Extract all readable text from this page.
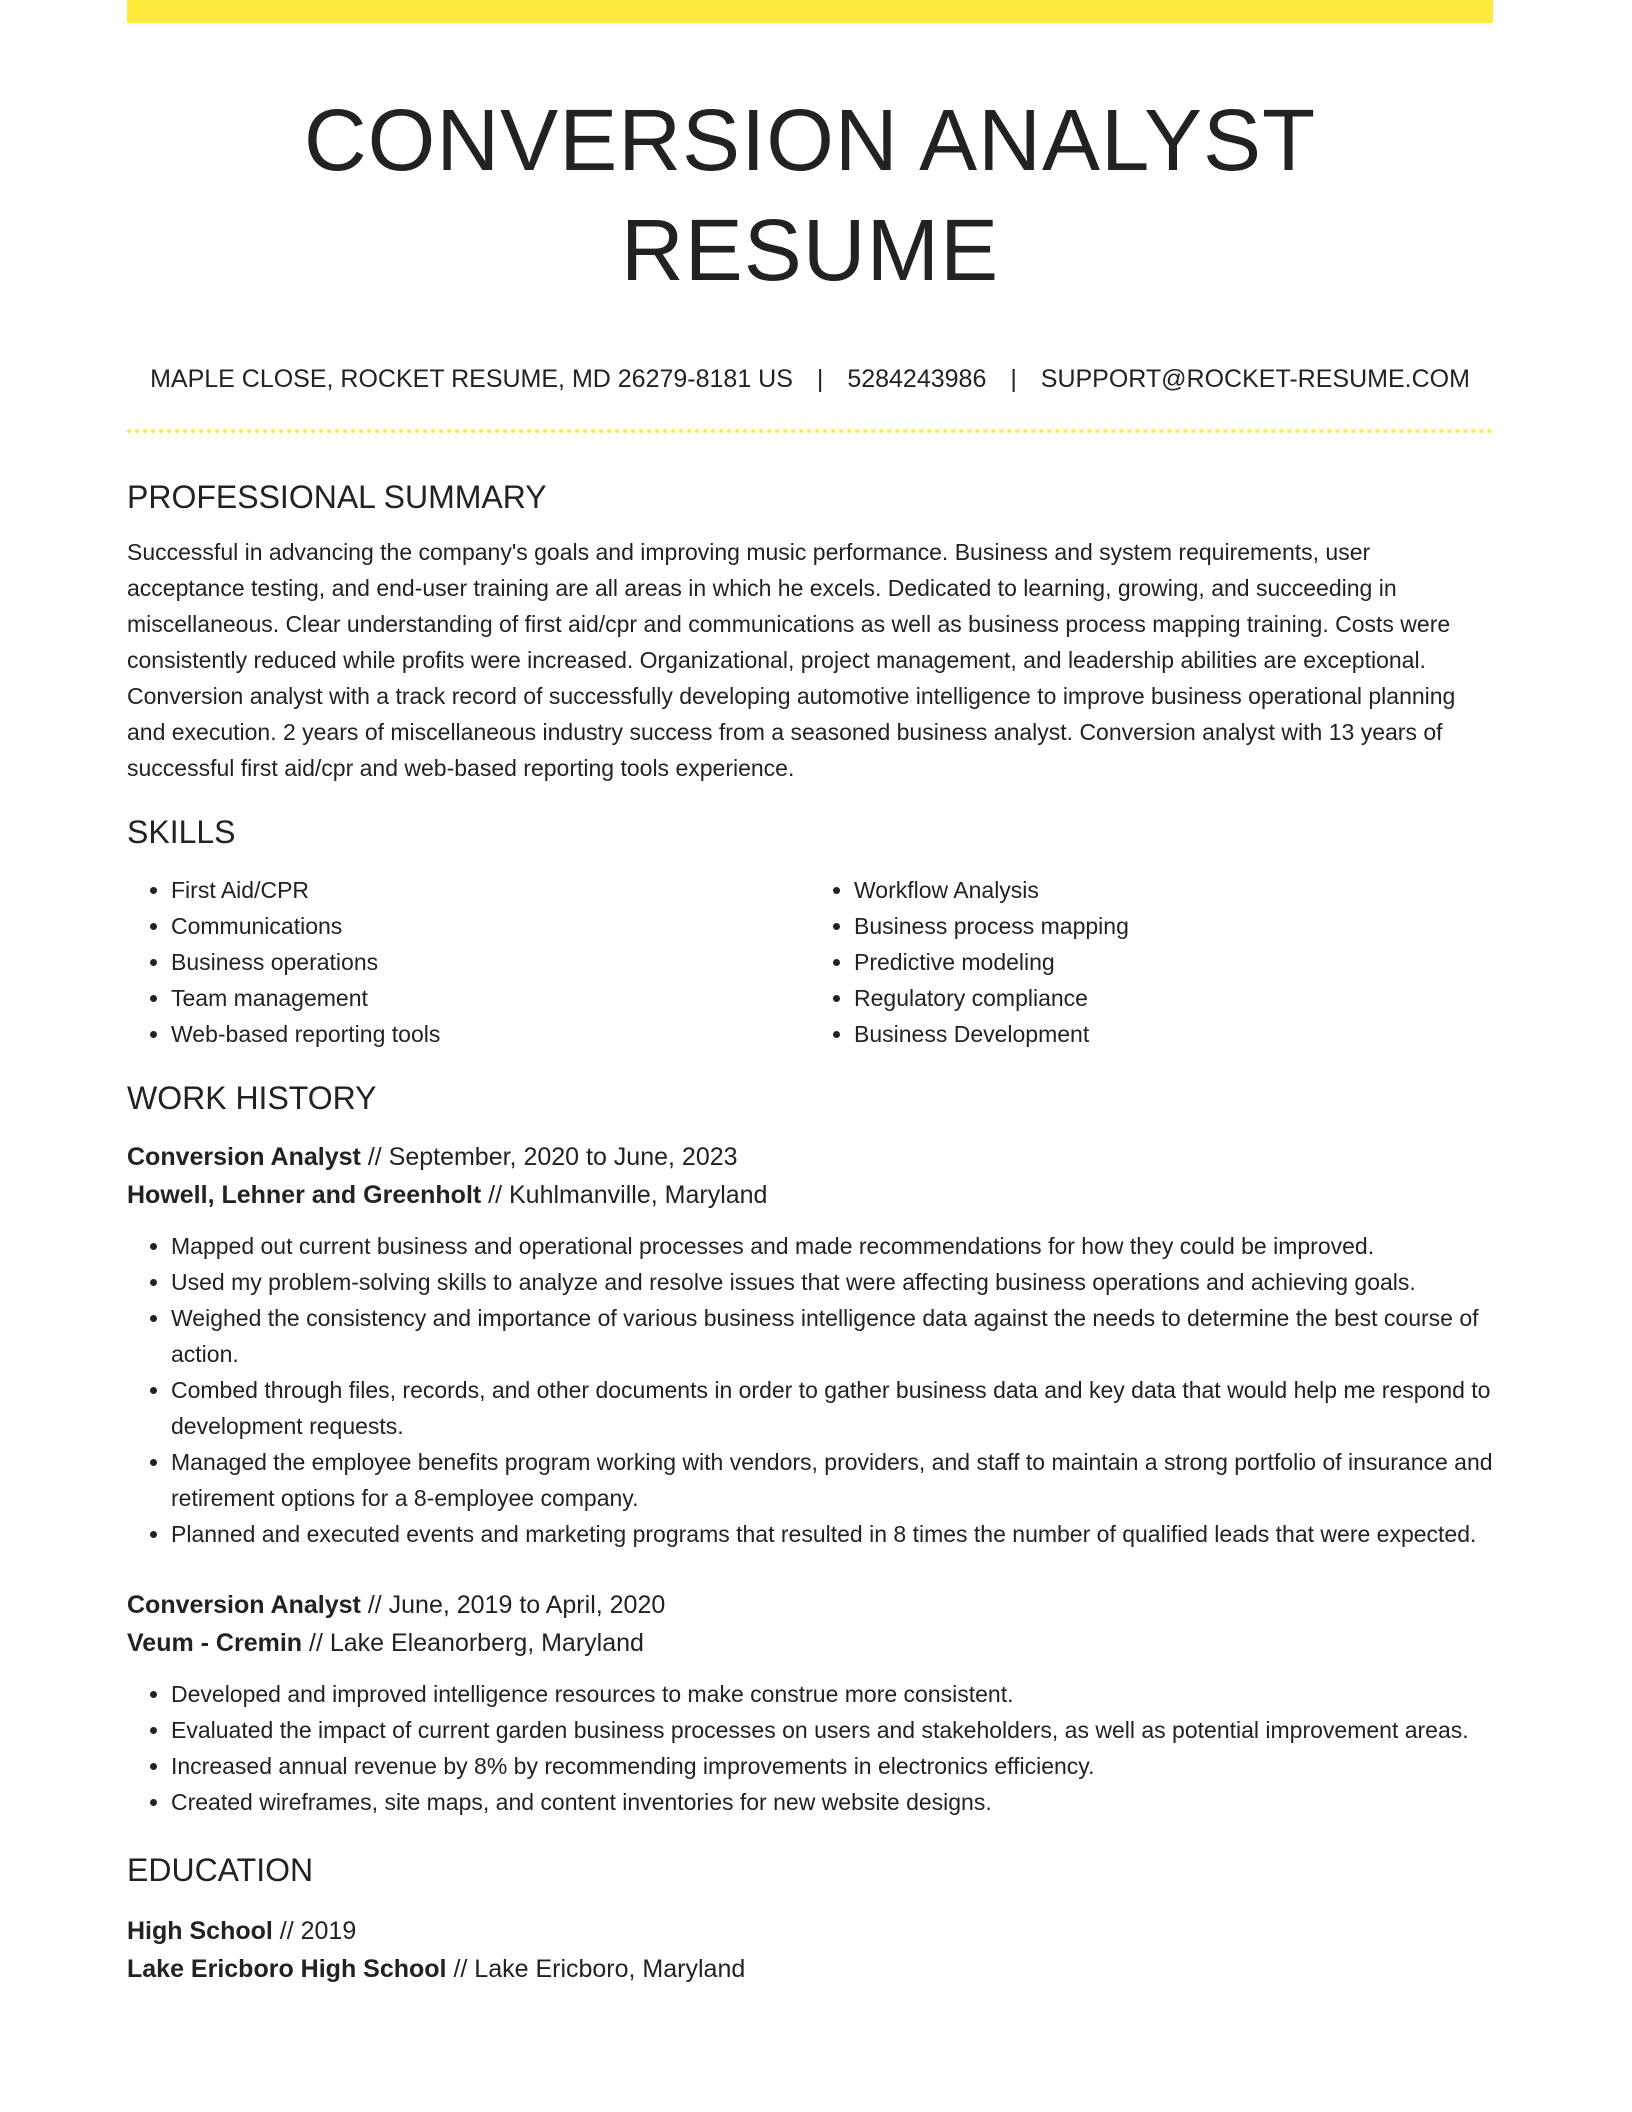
CONVERSION ANALYST RESUME
MAPLE CLOSE, ROCKET RESUME, MD 26279-8181 US | 5284243986 | SUPPORT@ROCKET-RESUME.COM
PROFESSIONAL SUMMARY

Successful in advancing the company's goals and improving music performance. Business and system requirements, user acceptance testing, and end-user training are all areas in which he excels. Dedicated to learning, growing, and succeeding in miscellaneous. Clear understanding of first aid/cpr and communications as well as business process mapping training. Costs were consistently reduced while profits were increased. Organizational, project management, and leadership abilities are exceptional. Conversion analyst with a track record of successfully developing automotive intelligence to improve business operational planning and execution. 2 years of miscellaneous industry success from a seasoned business analyst. Conversion analyst with 13 years of successful first aid/cpr and web-based reporting tools experience.

SKILLS
• First Aid/CPR
• Communications
• Business operations
• Team management
• Web-based reporting tools
• Workflow Analysis
• Business process mapping
• Predictive modeling
• Regulatory compliance
• Business Development
WORK HISTORY
Conversion Analyst // September, 2020 to June, 2023
Howell, Lehner and Greenholt // Kuhlmanville, Maryland
• Mapped out current business and operational processes and made recommendations for how they could be improved.
• Used my problem-solving skills to analyze and resolve issues that were affecting business operations and achieving goals.
• Weighed the consistency and importance of various business intelligence data against the needs to determine the best course of action.
• Combed through files, records, and other documents in order to gather business data and key data that would help me respond to development requests.
• Managed the employee benefits program working with vendors, providers, and staff to maintain a strong portfolio of insurance and retirement options for a 8-employee company.
• Planned and executed events and marketing programs that resulted in 8 times the number of qualified leads that were expected.
Conversion Analyst // June, 2019 to April, 2020
Veum - Cremin // Lake Eleanorberg, Maryland
• Developed and improved intelligence resources to make construe more consistent.
• Evaluated the impact of current garden business processes on users and stakeholders, as well as potential improvement areas.
• Increased annual revenue by 8% by recommending improvements in electronics efficiency.
• Created wireframes, site maps, and content inventories for new website designs.
EDUCATION
High School // 2019
Lake Ericboro High School // Lake Ericboro, Maryland
